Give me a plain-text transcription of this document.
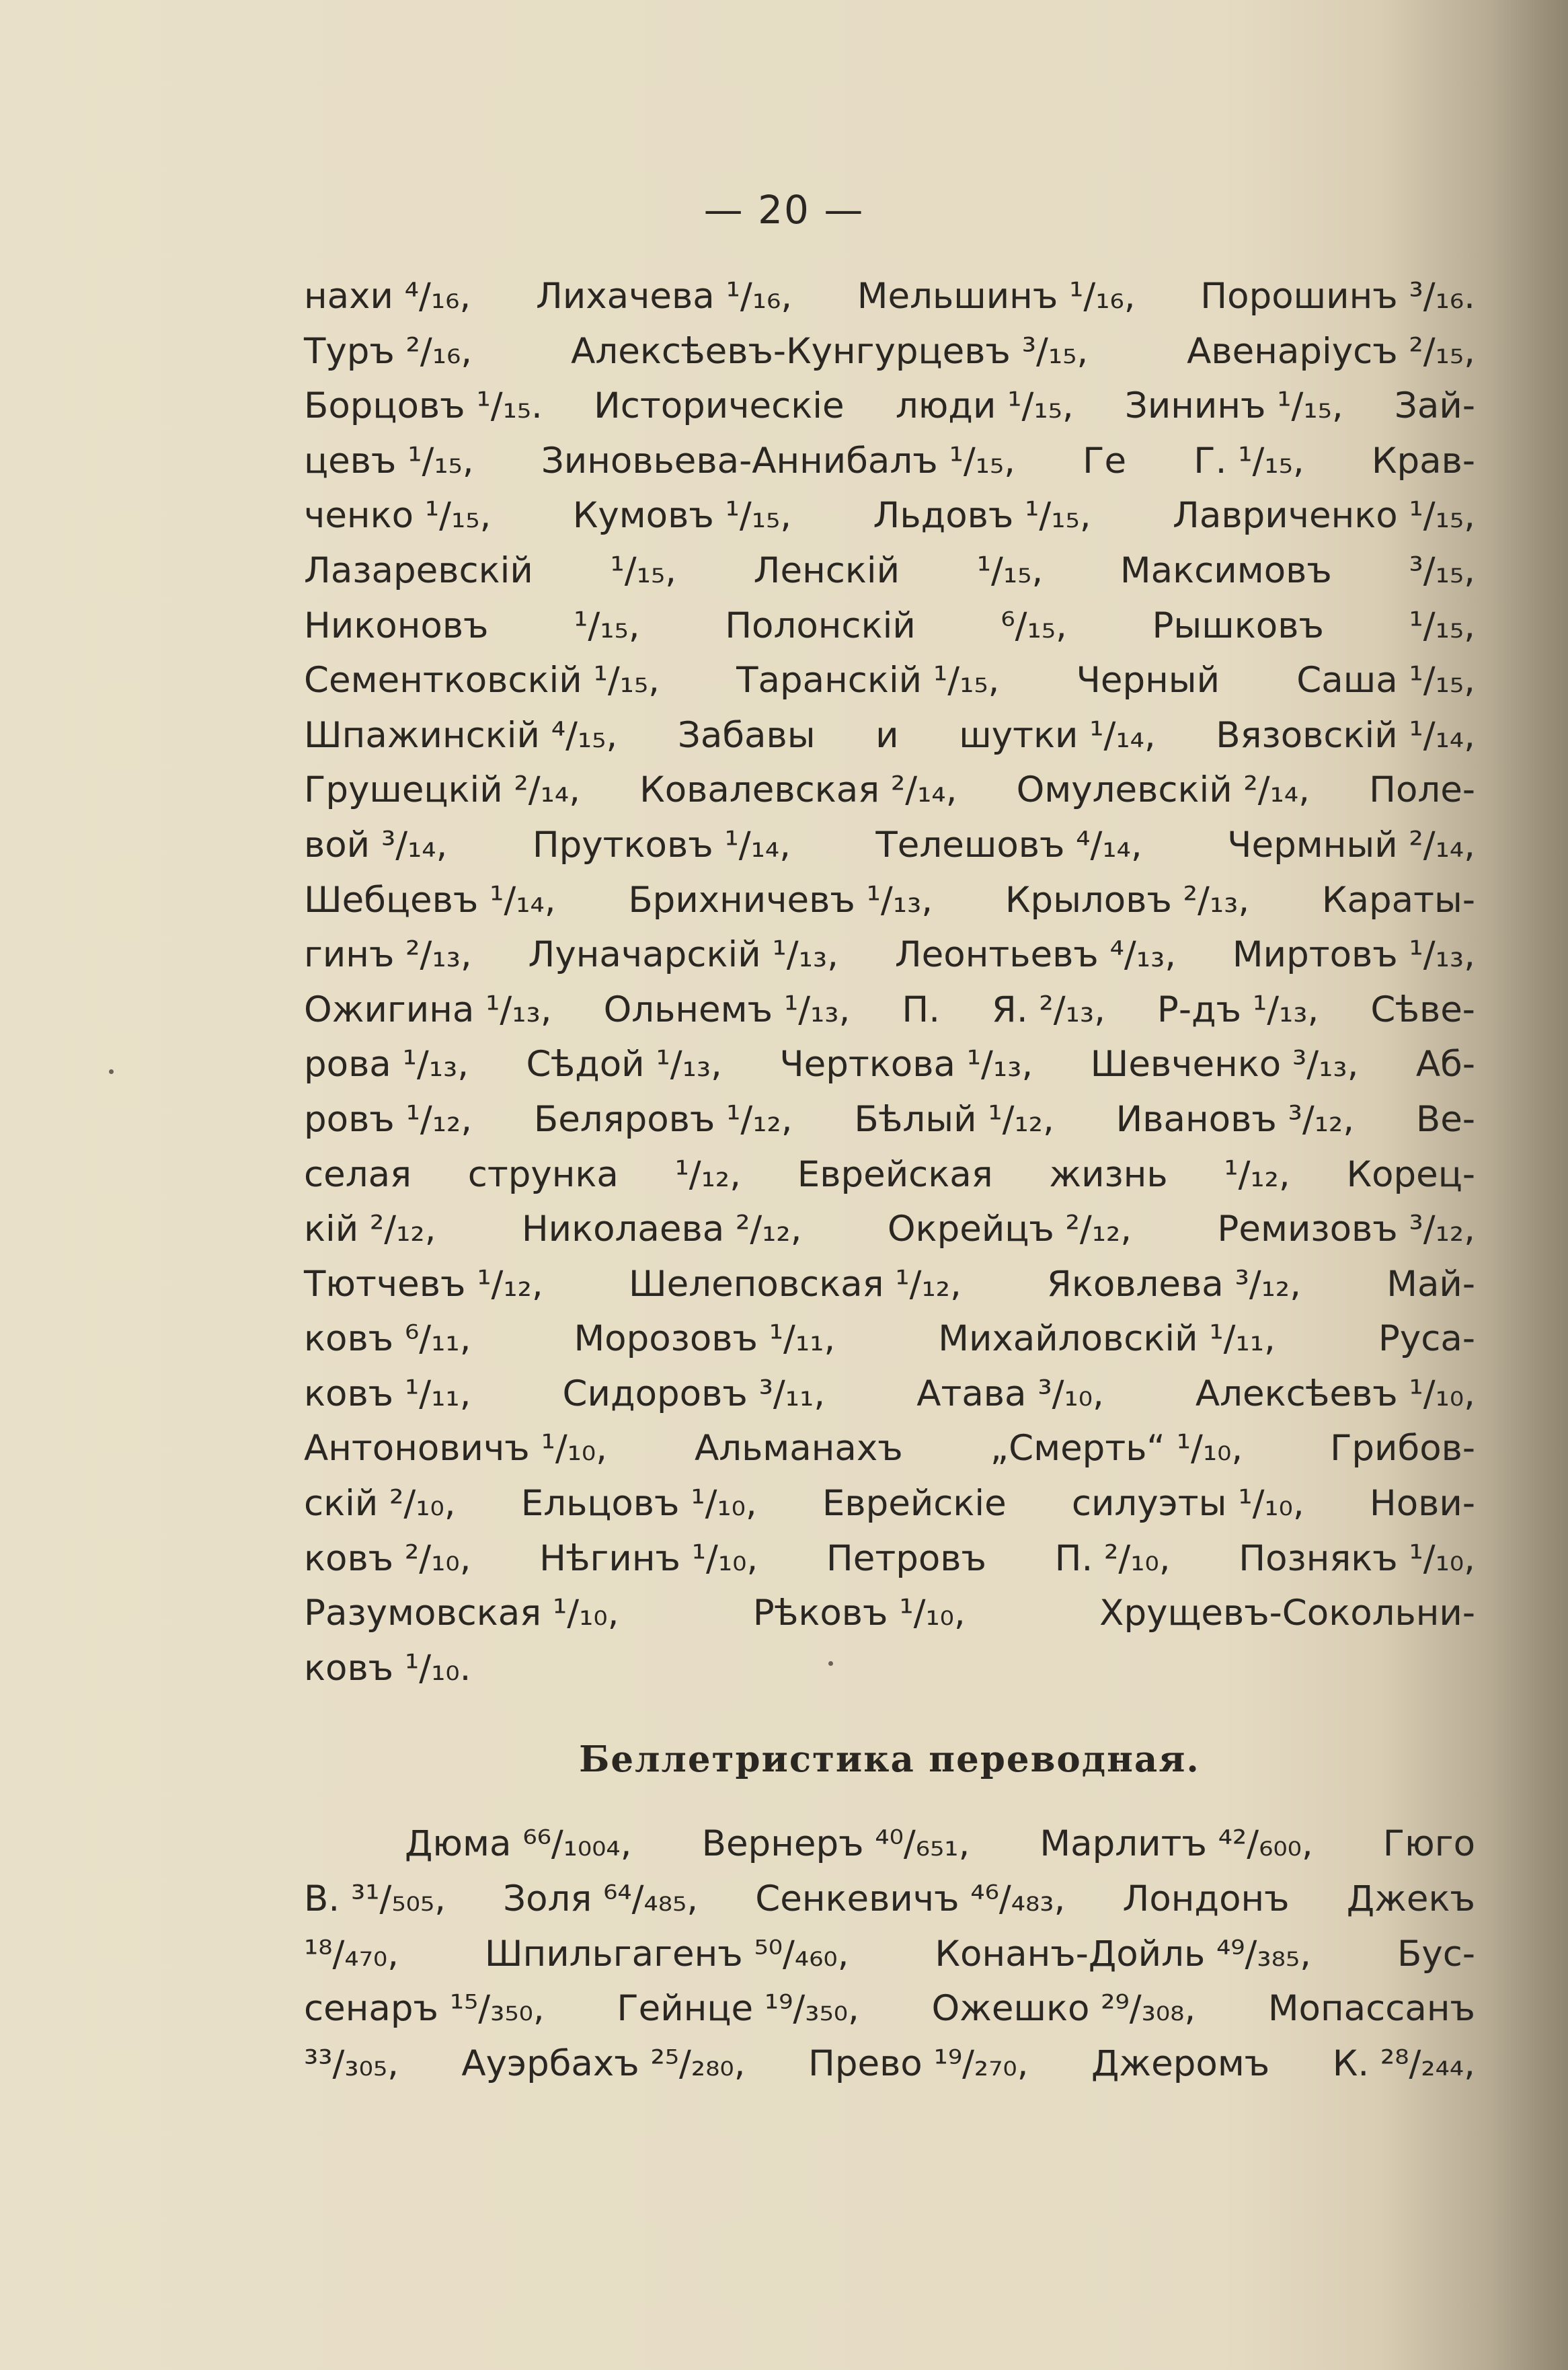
— 20 —
нахи ⁴/₁₆, Лихачева ¹/₁₆, Мельшинъ ¹/₁₆, Порошинъ ³/₁₆.
Туръ ²/₁₆,	Алексѣевъ-Кунгурцевъ ³/₁₅,	Авенаріусъ ²/₁₅,
Борцовъ ¹/₁₅. Историческіе люди ¹/₁₅, Зининъ ¹/₁₅, Зай-
цевъ ¹/₁₅, Зиновьева-Аннибалъ ¹/₁₅, Ге Г. ¹/₁₅, Крав-
ченко ¹/₁₅, Кумовъ ¹/₁₅, Льдовъ ¹/₁₅, Лавриченко ¹/₁₅,
Лазаревскій ¹/₁₅, Ленскій ¹/₁₅, Максимовъ ³/₁₅,
Никоновъ ¹/₁₅, Полонскій ⁶/₁₅, Рышковъ ¹/₁₅,
Сементковскій ¹/₁₅, Таранскій ¹/₁₅, Черный Саша ¹/₁₅,
Шпажинскій ⁴/₁₅, Забавы и шутки ¹/₁₄, Вязовскій ¹/₁₄,
Грушецкій ²/₁₄, Ковалевская ²/₁₄, Омулевскій ²/₁₄, Поле-
вой ³/₁₄, Прутковъ ¹/₁₄, Телешовъ ⁴/₁₄, Чермный ²/₁₄,
Шебцевъ ¹/₁₄, Брихничевъ ¹/₁₃, Крыловъ ²/₁₃, Караты-
гинъ ²/₁₃, Луначарскій ¹/₁₃, Леонтьевъ ⁴/₁₃, Миртовъ ¹/₁₃,
Ожигина ¹/₁₃, Ольнемъ ¹/₁₃, П. Я. ²/₁₃, Р-дъ ¹/₁₃, Сѣве-
рова ¹/₁₃, Сѣдой ¹/₁₃, Черткова ¹/₁₃, Шевченко ³/₁₃, Аб-
ровъ ¹/₁₂, Беляровъ ¹/₁₂, Бѣлый ¹/₁₂, Ивановъ ³/₁₂, Ве-
селая струнка ¹/₁₂, Еврейская жизнь ¹/₁₂, Корец-
кій ²/₁₂, Николаева ²/₁₂, Окрейцъ ²/₁₂, Ремизовъ ³/₁₂,
Тютчевъ ¹/₁₂, Шелеповская ¹/₁₂, Яковлева ³/₁₂, Май-
ковъ ⁶/₁₁,	Морозовъ ¹/₁₁,	Михайловскій ¹/₁₁,	Руса-
ковъ ¹/₁₁,	Сидоровъ ³/₁₁,	Атава ³/₁₀,	Алексѣевъ ¹/₁₀,
Антоновичъ ¹/₁₀, Альманахъ „Смерть“ ¹/₁₀, Грибов-
скій ²/₁₀, Ельцовъ ¹/₁₀, Еврейскіе силуэты ¹/₁₀, Нови-
ковъ ²/₁₀, Нѣгинъ ¹/₁₀, Петровъ П. ²/₁₀, Познякъ ¹/₁₀,
Разумовская ¹/₁₀,	Рѣковъ ¹/₁₀,	Хрущевъ-Сокольни-
ковъ ¹/₁₀.
Беллетристика переводная.
Дюма ⁶⁶/₁₀₀₄, Вернеръ ⁴⁰/₆₅₁, Марлитъ ⁴²/₆₀₀, Гюго
В. ³¹/₅₀₅, Золя ⁶⁴/₄₈₅, Сенкевичъ ⁴⁶/₄₈₃, Лондонъ Джекъ
¹⁸/₄₇₀, Шпильгагенъ ⁵⁰/₄₆₀, Конанъ-Дойль ⁴⁹/₃₈₅, Бус-
сенаръ ¹⁵/₃₅₀, Гейнце ¹⁹/₃₅₀, Ожешко ²⁹/₃₀₈, Мопассанъ
³³/₃₀₅, Ауэрбахъ ²⁵/₂₈₀, Прево ¹⁹/₂₇₀, Джеромъ К. ²⁸/₂₄₄,
